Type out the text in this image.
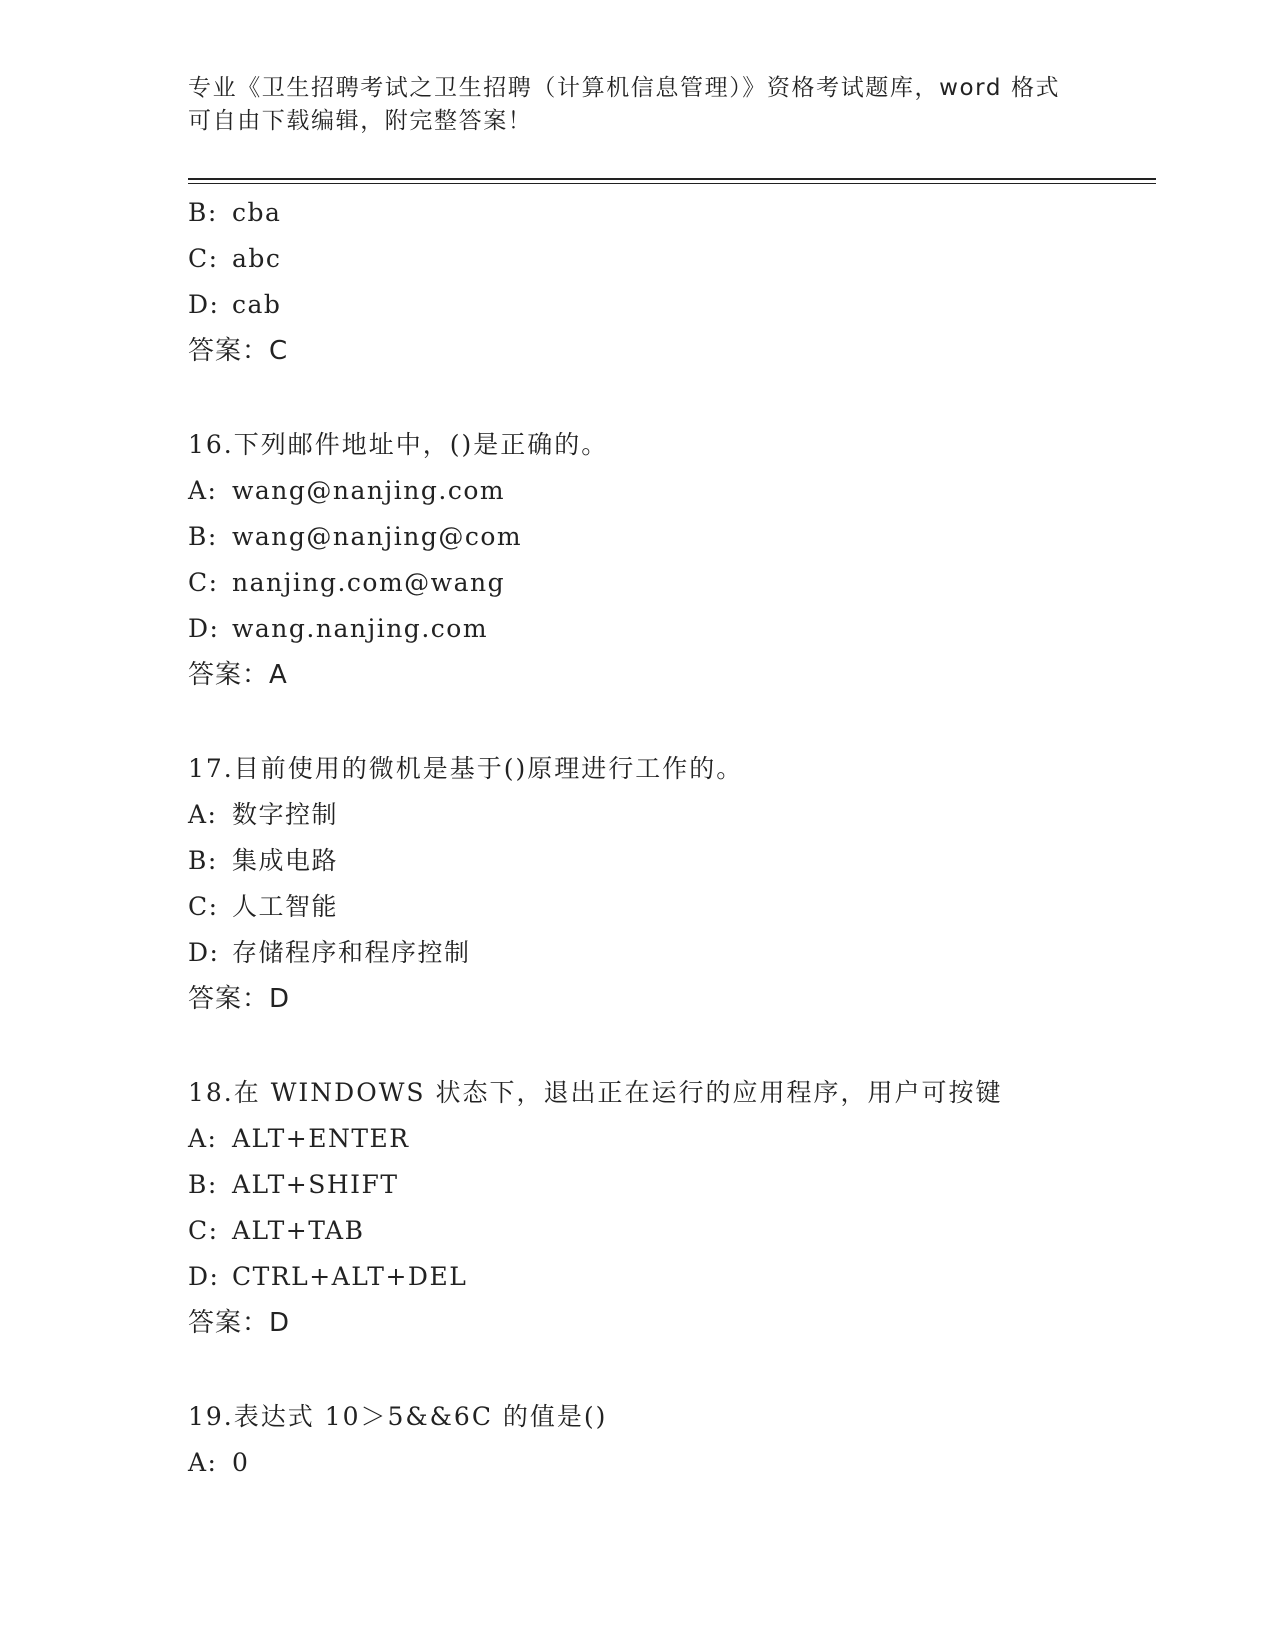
专业《卫生招聘考试之卫生招聘（计算机信息管理）》资格考试题库，word 格式
可自由下载编辑，附完整答案！
B: cba
C: abc
D: cab
答案：C
16.下列邮件地址中，()是正确的。
A: wang@nanjing.com
B: wang@nanjing@com
C: nanjing.com@wang
D: wang.nanjing.com
答案：A
17.目前使用的微机是基于()原理进行工作的。
A: 数字控制
B: 集成电路
C: 人工智能
D: 存储程序和程序控制
答案：D
18.在 WINDOWS 状态下，退出正在运行的应用程序，用户可按键
A: ALT+ENTER
B: ALT+SHIFT
C: ALT+TAB
D: CTRL+ALT+DEL
答案：D
19.表达式 10＞5&&6C 的值是()
A: 0
